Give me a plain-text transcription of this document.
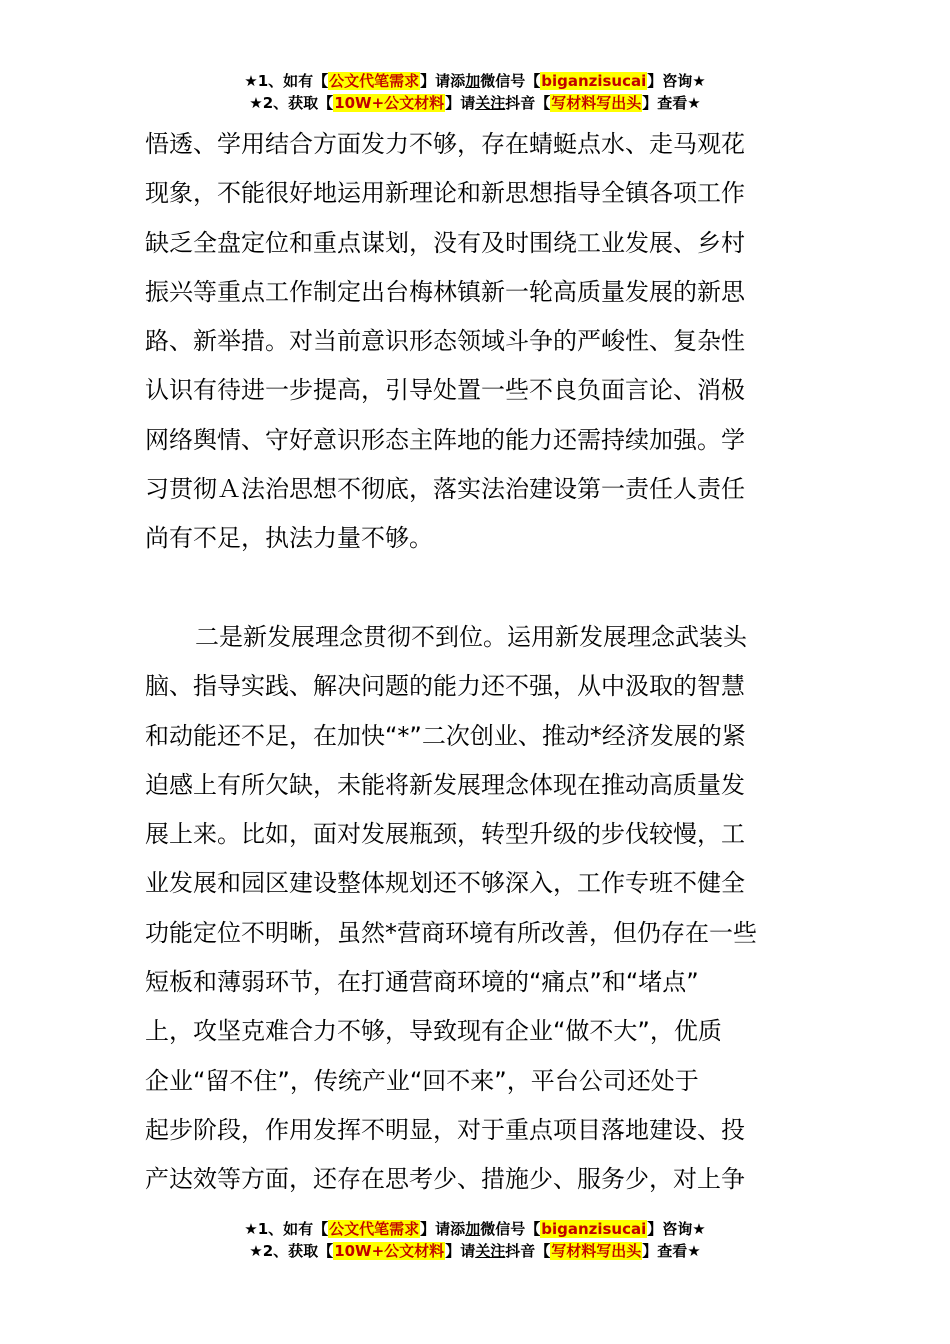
★1、如有【公文代笔需求】请添加微信号【biganzisucai】咨询★
★2、获取【10W+公文材料】请关注抖音【写材料写出头】查看★
悟透、学用结合方面发力不够，存在蜻蜓点水、走马观花
现象，不能很好地运用新理论和新思想指导全镇各项工作
缺乏全盘定位和重点谋划，没有及时围绕工业发展、乡村
振兴等重点工作制定出台梅林镇新一轮高质量发展的新思
路、新举措。对当前意识形态领域斗争的严峻性、复杂性
认识有待进一步提高，引导处置一些不良负面言论、消极
网络舆情、守好意识形态主阵地的能力还需持续加强。学
习贯彻Ａ法治思想不彻底，落实法治建设第一责任人责任
尚有不足，执法力量不够。
二是新发展理念贯彻不到位。运用新发展理念武装头
脑、指导实践、解决问题的能力还不强，从中汲取的智慧
和动能还不足，在加快“*”二次创业、推动*经济发展的紧
迫感上有所欠缺，未能将新发展理念体现在推动高质量发
展上来。比如，面对发展瓶颈，转型升级的步伐较慢，工
业发展和园区建设整体规划还不够深入，工作专班不健全
功能定位不明晰，虽然*营商环境有所改善，但仍存在一些
短板和薄弱环节，在打通营商环境的“痛点”和“堵点”
上，攻坚克难合力不够，导致现有企业“做不大”，优质
企业“留不住”，传统产业“回不来”，平台公司还处于
起步阶段，作用发挥不明显，对于重点项目落地建设、投
产达效等方面，还存在思考少、措施少、服务少，对上争
★1、如有【公文代笔需求】请添加微信号【biganzisucai】咨询★
★2、获取【10W+公文材料】请关注抖音【写材料写出头】查看★
